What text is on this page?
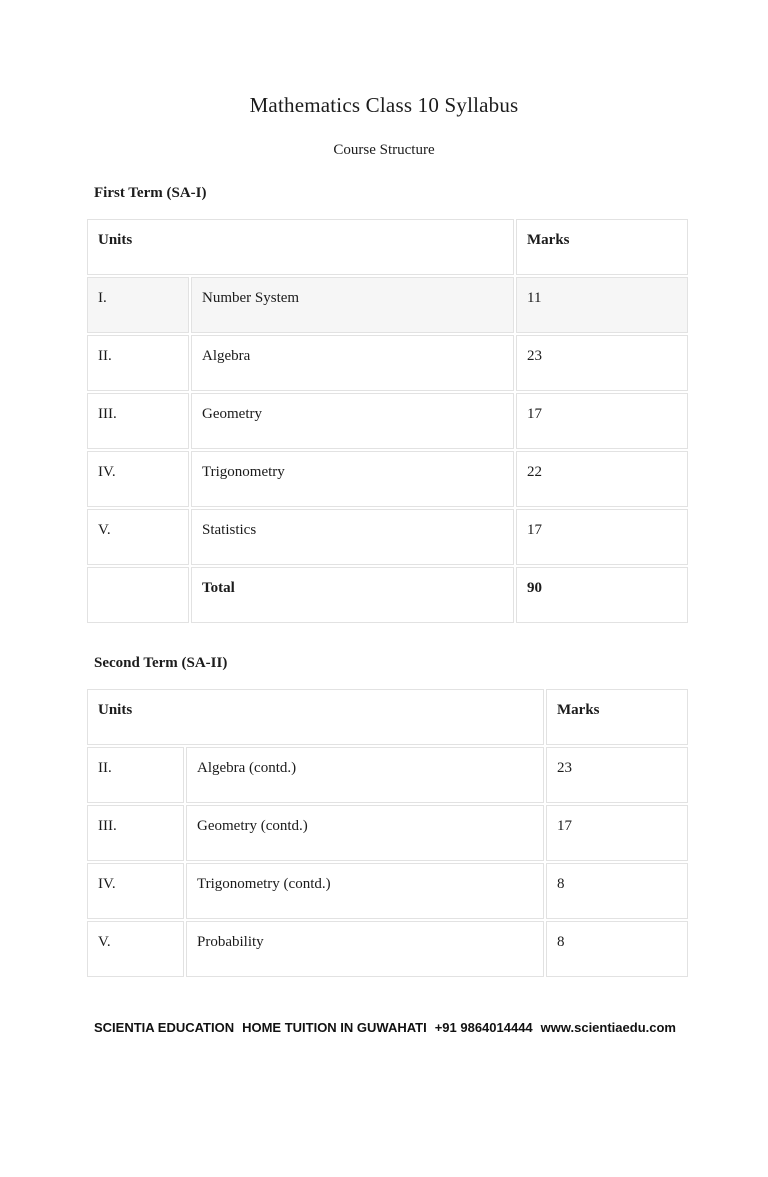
Mathematics Class 10 Syllabus
Course Structure
First Term (SA-I)
Units		Marks
I.	Number System	11
II.	Algebra	23
III.	Geometry	17
IV.	Trigonometry	22
V.	Statistics	17
	Total	90
Second Term (SA-II)
Units		Marks
II.	Algebra (contd.)	23
III.	Geometry (contd.)	17
IV.	Trigonometry (contd.)	8
V.	Probability	8
SCIENTIA EDUCATION HOME TUITION IN GUWAHATI +91 9864014444 www.scientiaedu.com
